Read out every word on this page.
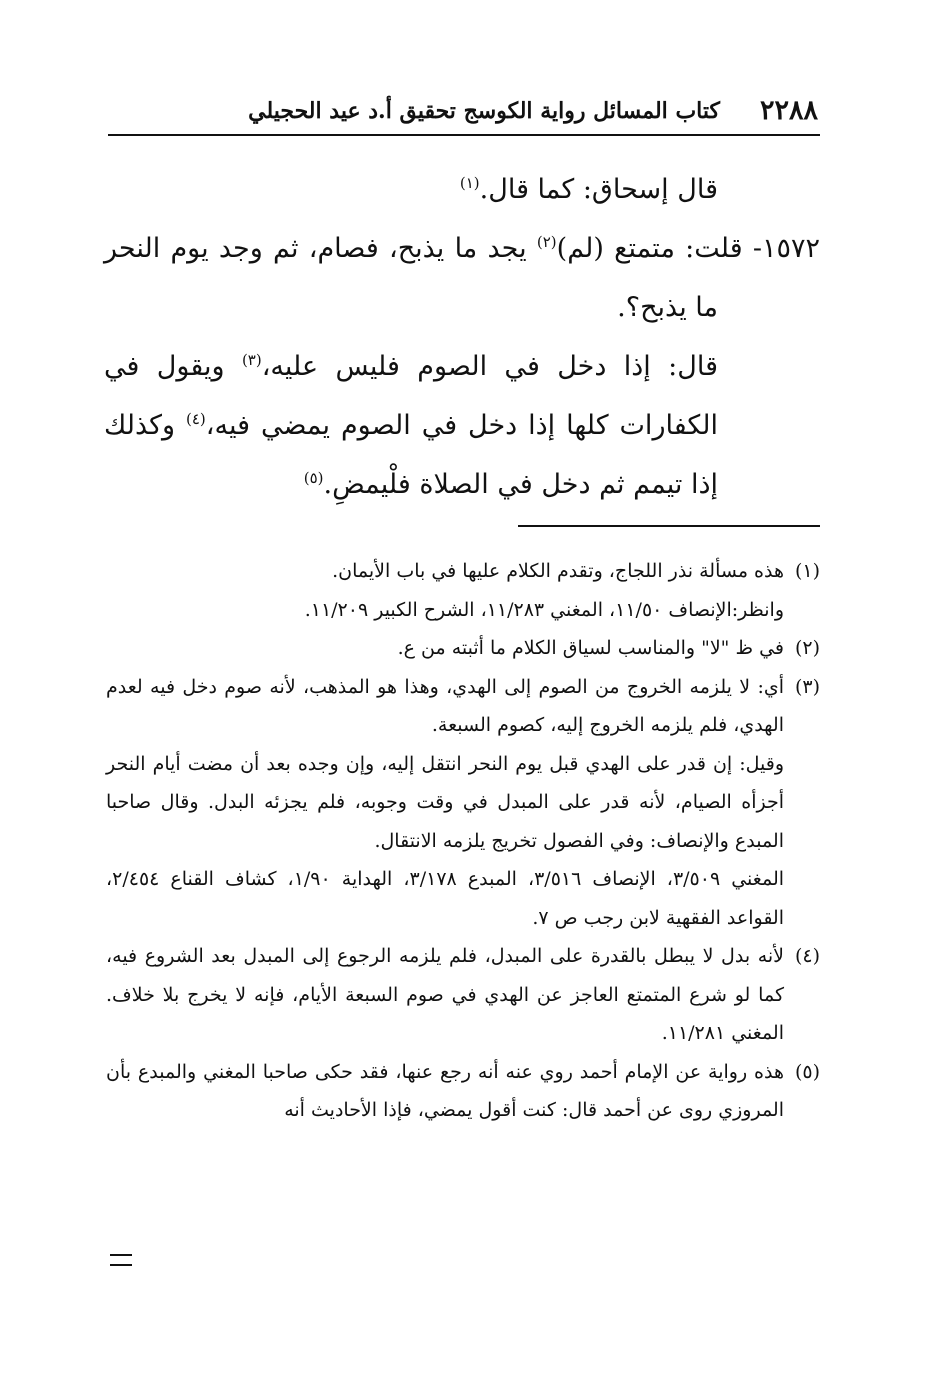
٢٢٨٨
كتاب المسائل رواية الكوسج تحقيق أ.د عيد الحجيلي

قال إسحاق: كما قال.$^{(١)}$

١٥٧٢- قلت: متمتع (لم)$^{(٢)}$ يجد ما يذبح، فصام، ثم وجد يوم النحر ما يذبح؟.

قال: إذا دخل في الصوم فليس عليه،$^{(٣)}$ ويقول في الكفارات كلها إذا دخل في الصوم يمضي فيه،$^{(٤)}$ وكذلك إذا تيمم ثم دخل في الصلاة فلْيمضِ.$^{(٥)}$

(١)هذه مسألة نذر اللجاج، وتقدم الكلام عليها في باب الأيمان.

وانظر:الإنصاف ١١/٥٠، المغني ١١/٢٨٣، الشرح الكبير ١١/٢٠٩.

(٢)في ظ "لا" والمناسب لسياق الكلام ما أثبته من ع.

(٣)أي: لا يلزمه الخروج من الصوم إلى الهدي، وهذا هو المذهب، لأنه صوم دخل فيه لعدم الهدي، فلم يلزمه الخروج إليه، كصوم السبعة.

وقيل: إن قدر على الهدي قبل يوم النحر انتقل إليه، وإن وجده بعد أن مضت أيام النحر أجزأه الصيام، لأنه قدر على المبدل في وقت وجوبه، فلم يجزئه البدل. وقال صاحبا المبدع والإنصاف: وفي الفصول تخريج يلزمه الانتقال.

المغني ٣/٥٠٩، الإنصاف ٣/٥١٦، المبدع ٣/١٧٨، الهداية ١/٩٠، كشاف القناع ٢/٤٥٤، القواعد الفقهية لابن رجب ص ٧.

(٤)لأنه بدل لا يبطل بالقدرة على المبدل، فلم يلزمه الرجوع إلى المبدل بعد الشروع فيه، كما لو شرع المتمتع العاجز عن الهدي في صوم السبعة الأيام، فإنه لا يخرج بلا خلاف. المغني ١١/٢٨١.

(٥)هذه رواية عن الإمام أحمد روي عنه أنه رجع عنها، فقد حكى صاحبا المغني والمبدع بأن المروزي روى عن أحمد قال: كنت أقول يمضي، فإذا الأحاديث أنه
